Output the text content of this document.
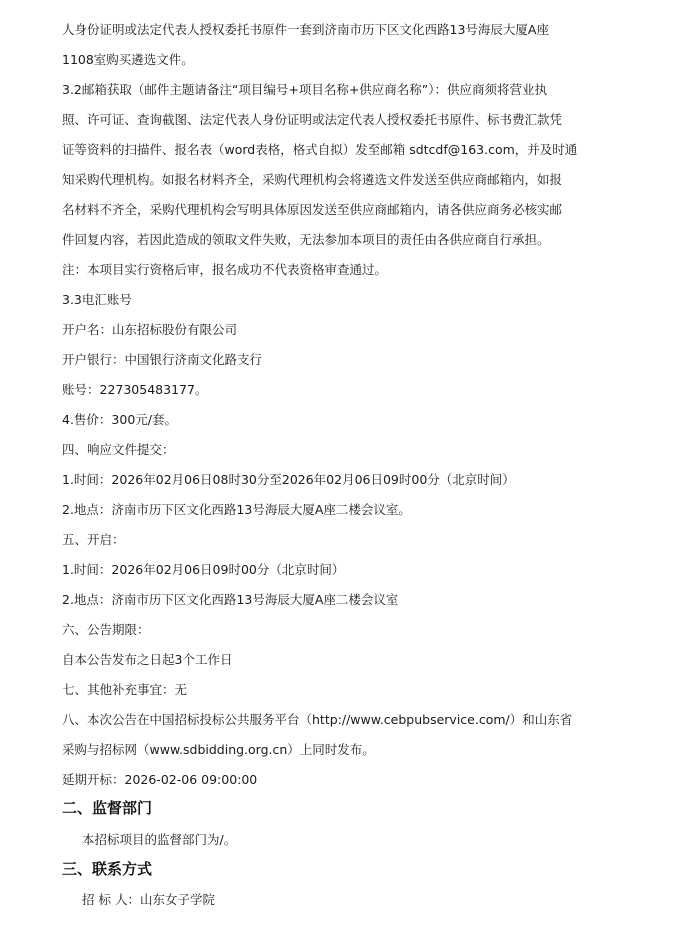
人身份证明或法定代表人授权委托书原件一套到济南市历下区文化西路13号海辰大厦A座

1108室购买遴选文件。

3.2邮箱获取（邮件主题请备注“项目编号+项目名称+供应商名称”）：供应商须将营业执

照、许可证、查询截图、法定代表人身份证明或法定代表人授权委托书原件、标书费汇款凭

证等资料的扫描件、报名表（word表格，格式自拟）发至邮箱 sdtcdf@163.com，并及时通

知采购代理机构。如报名材料齐全，采购代理机构会将遴选文件发送至供应商邮箱内，如报

名材料不齐全，采购代理机构会写明具体原因发送至供应商邮箱内，请各供应商务必核实邮

件回复内容，若因此造成的领取文件失败，无法参加本项目的责任由各供应商自行承担。

注：本项目实行资格后审，报名成功不代表资格审查通过。

3.3电汇账号

开户名：山东招标股份有限公司

开户银行：中国银行济南文化路支行

账号：227305483177。

4.售价：300元/套。

四、响应文件提交：

1.时间：2026年02月06日08时30分至2026年02月06日09时00分（北京时间）

2.地点：济南市历下区文化西路13号海辰大厦A座二楼会议室。

五、开启：

1.时间：2026年02月06日09时00分（北京时间）

2.地点：济南市历下区文化西路13号海辰大厦A座二楼会议室

六、公告期限：

自本公告发布之日起3个工作日

七、其他补充事宜：无

八、本次公告在中国招标投标公共服务平台（http://www.cebpubservice.com/）和山东省

采购与招标网（www.sdbidding.org.cn）上同时发布。

延期开标：2026-02-06 09:00:00

二、监督部门

本招标项目的监督部门为/。

三、联系方式

招 标 人：山东女子学院
